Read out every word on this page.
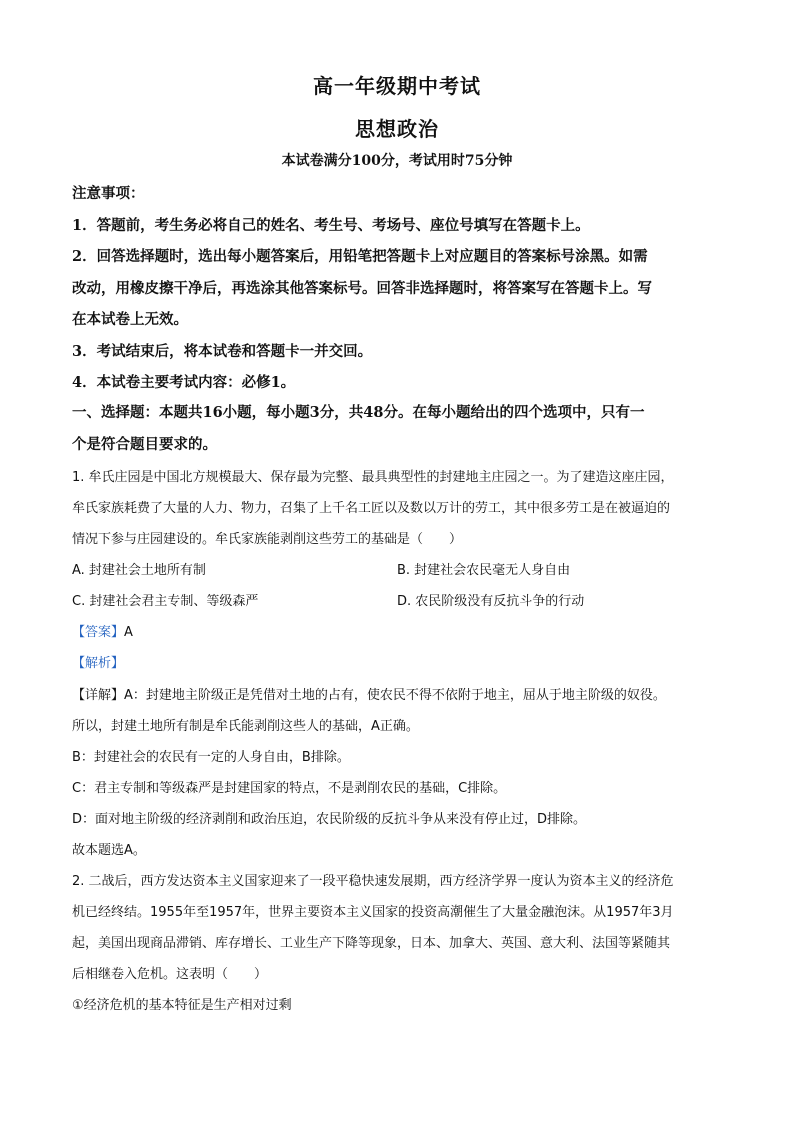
高一年级期中考试
思想政治
本试卷满分100分，考试用时75分钟
注意事项：
1．答题前，考生务必将自己的姓名、考生号、考场号、座位号填写在答题卡上。
2．回答选择题时，选出每小题答案后，用铅笔把答题卡上对应题目的答案标号涂黑。如需
改动，用橡皮擦干净后，再选涂其他答案标号。回答非选择题时，将答案写在答题卡上。写
在本试卷上无效。
3．考试结束后，将本试卷和答题卡一并交回。
4．本试卷主要考试内容：必修1。
一、选择题：本题共16小题，每小题3分，共48分。在每小题给出的四个选项中，只有一
个是符合题目要求的。
1. 牟氏庄园是中国北方规模最大、保存最为完整、最具典型性的封建地主庄园之一。为了建造这座庄园，
牟氏家族耗费了大量的人力、物力，召集了上千名工匠以及数以万计的劳工，其中很多劳工是在被逼迫的
情况下参与庄园建设的。牟氏家族能剥削这些劳工的基础是（　　）
A. 封建社会土地所有制	B. 封建社会农民毫无人身自由
C. 封建社会君主专制、等级森严	D. 农民阶级没有反抗斗争的行动
【答案】A
【解析】
【详解】A：封建地主阶级正是凭借对土地的占有，使农民不得不依附于地主，屈从于地主阶级的奴役。
所以，封建土地所有制是牟氏能剥削这些人的基础，A正确。
B：封建社会的农民有一定的人身自由，B排除。
C：君主专制和等级森严是封建国家的特点，不是剥削农民的基础，C排除。
D：面对地主阶级的经济剥削和政治压迫，农民阶级的反抗斗争从来没有停止过，D排除。
故本题选A。
2. 二战后，西方发达资本主义国家迎来了一段平稳快速发展期，西方经济学界一度认为资本主义的经济危
机已经终结。1955年至1957年，世界主要资本主义国家的投资高潮催生了大量金融泡沫。从1957年3月
起，美国出现商品滞销、库存增长、工业生产下降等现象，日本、加拿大、英国、意大利、法国等紧随其
后相继卷入危机。这表明（　　）
①经济危机的基本特征是生产相对过剩
